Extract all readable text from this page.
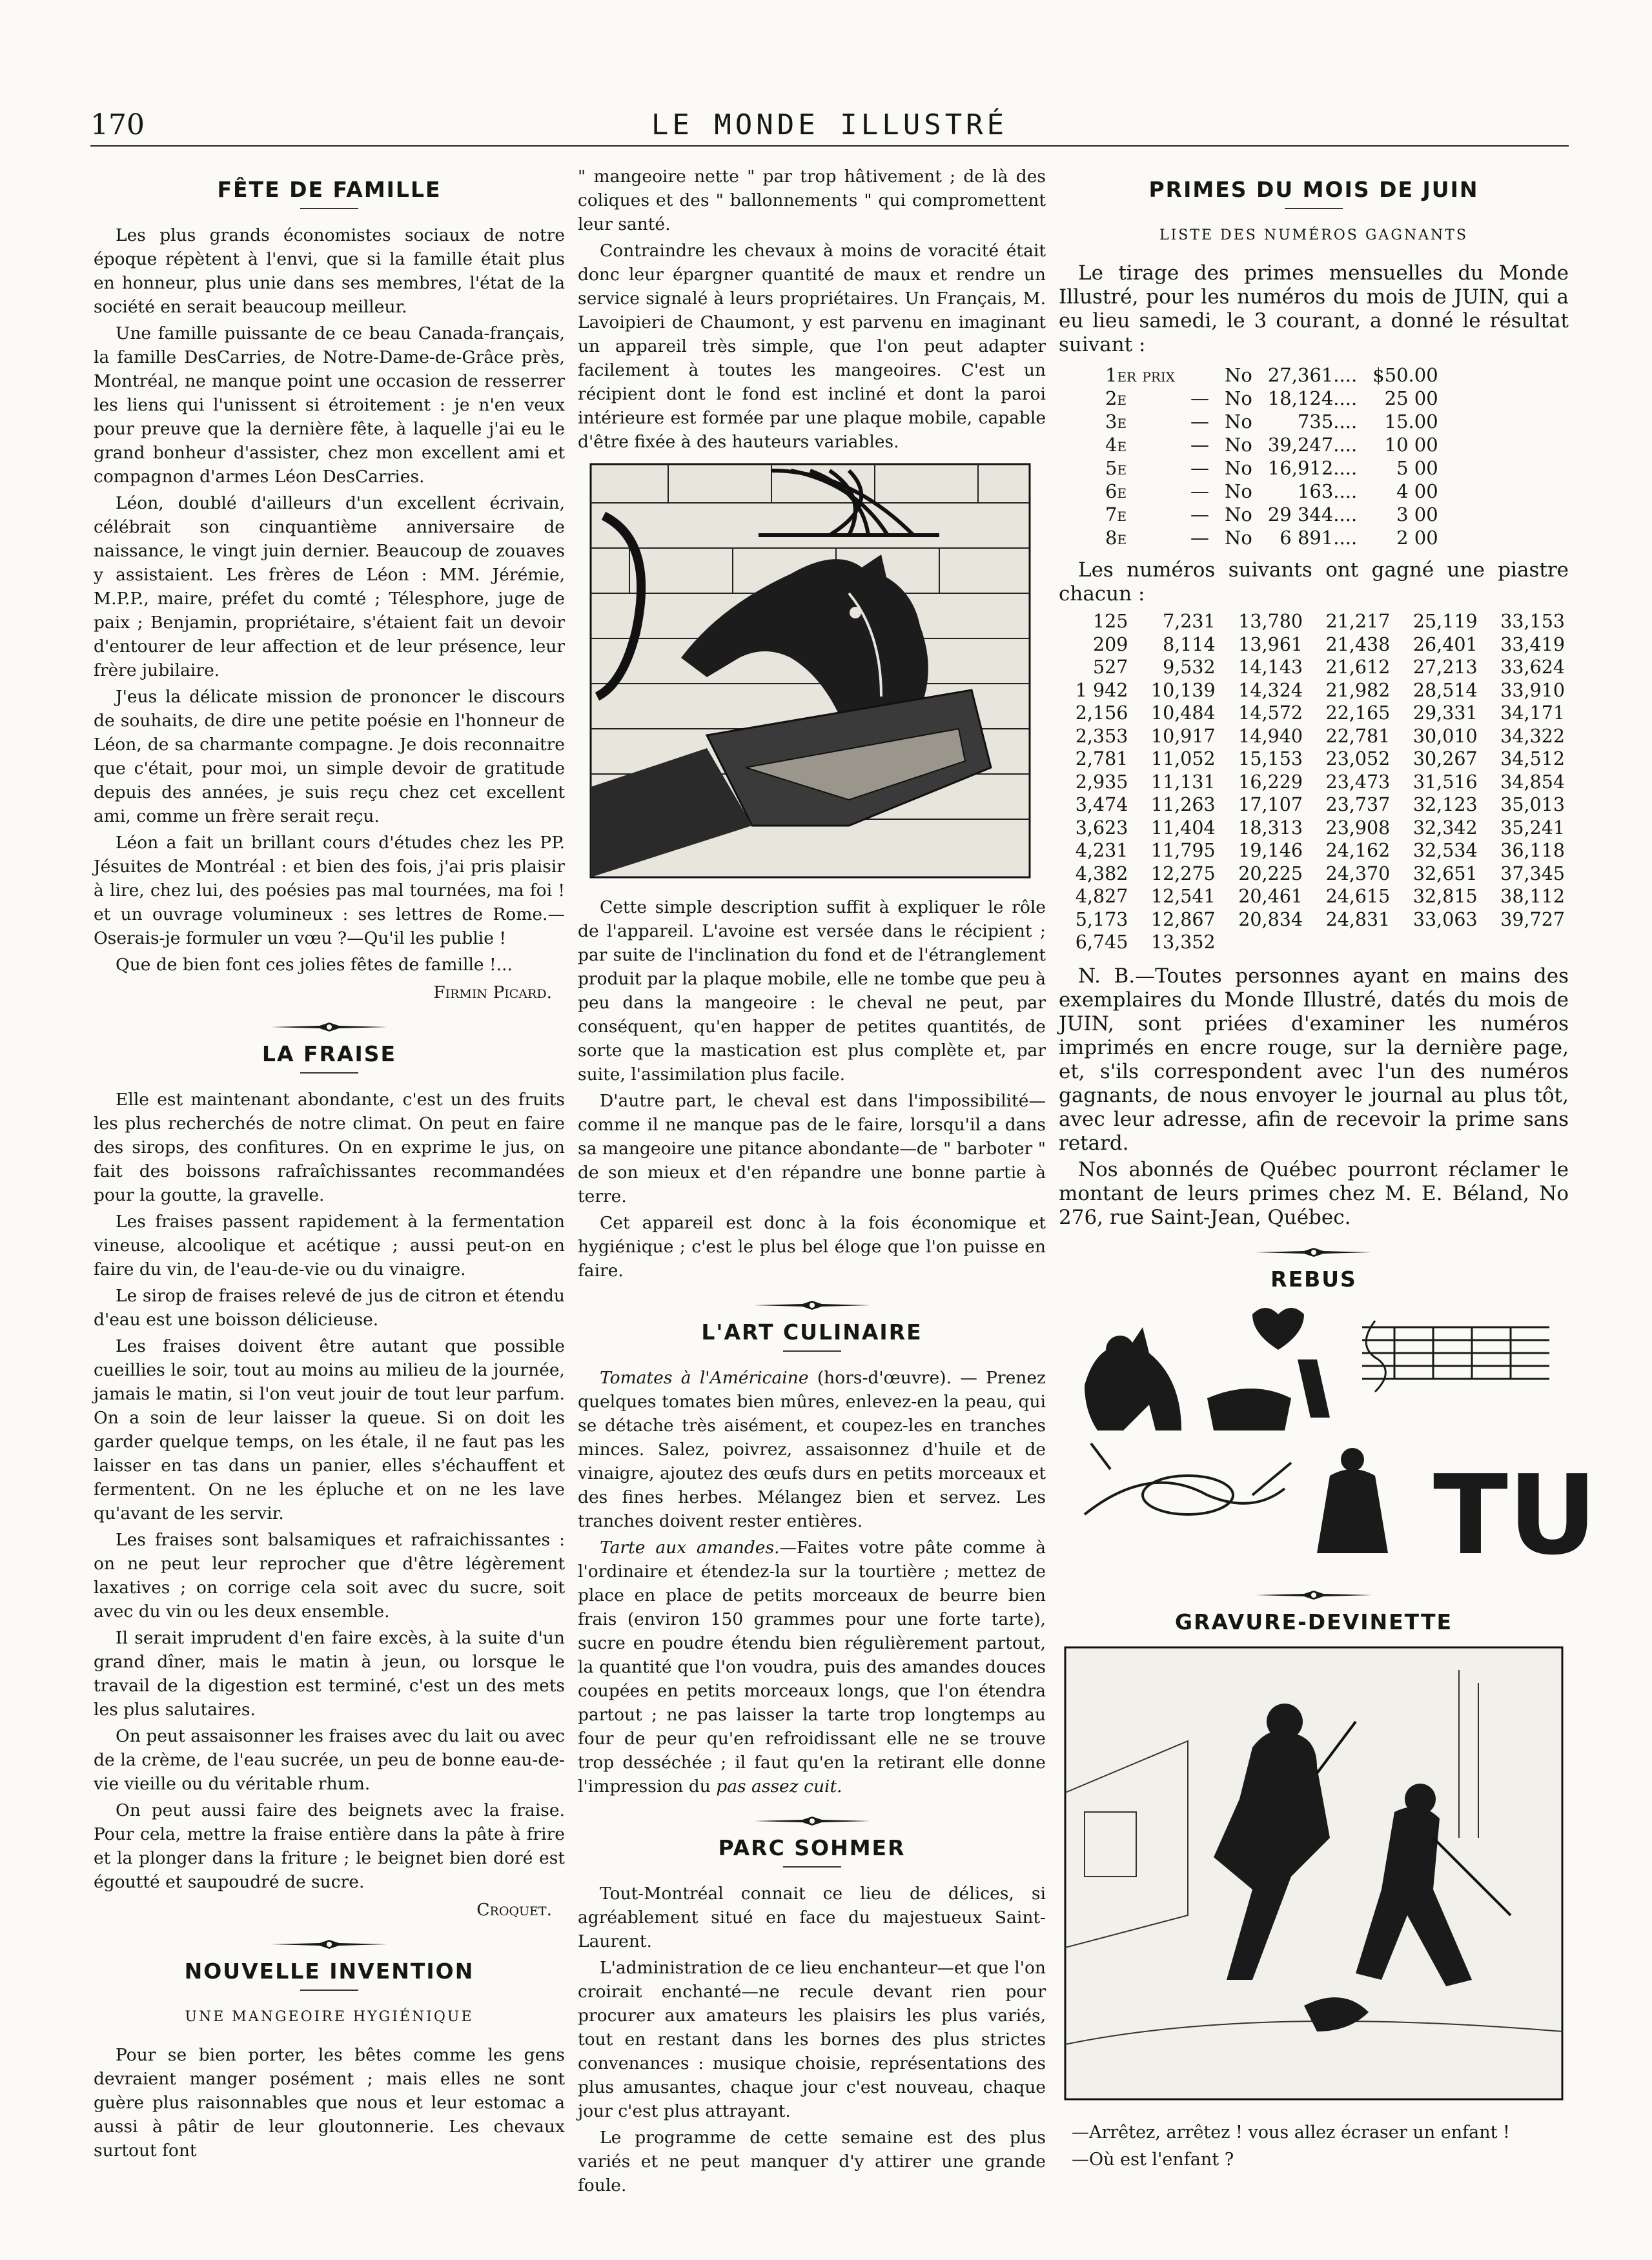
170	LE MONDE ILLUSTRÉ
FÊTE DE FAMILLE

Les plus grands économistes sociaux de notre époque répètent à l'envi, que si la famille était plus en honneur, plus unie dans ses membres, l'état de la société en serait beaucoup meilleur.

Une famille puissante de ce beau Canada-français, la famille DesCarries, de Notre-Dame-de-Grâce près, Montréal, ne manque point une occasion de resserrer les liens qui l'unissent si étroitement : je n'en veux pour preuve que la dernière fête, à laquelle j'ai eu le grand bonheur d'assister, chez mon excellent ami et compagnon d'armes Léon DesCarries.

Léon, doublé d'ailleurs d'un excellent écrivain, célébrait son cinquantième anniversaire de naissance, le vingt juin dernier. Beaucoup de zouaves y assistaient. Les frères de Léon : MM. Jérémie, M.P.P., maire, préfet du comté ; Télesphore, juge de paix ; Benjamin, propriétaire, s'étaient fait un devoir d'entourer de leur affection et de leur présence, leur frère jubilaire.

J'eus la délicate mission de prononcer le discours de souhaits, de dire une petite poésie en l'honneur de Léon, de sa charmante compagne. Je dois reconnaitre que c'était, pour moi, un simple devoir de gratitude depuis des années, je suis reçu chez cet excellent ami, comme un frère serait reçu.

Léon a fait un brillant cours d'études chez les PP. Jésuites de Montréal : et bien des fois, j'ai pris plaisir à lire, chez lui, des poésies pas mal tournées, ma foi ! et un ouvrage volumineux : ses lettres de Rome.— Oserais-je formuler un vœu ?—Qu'il les publie !

Que de bien font ces jolies fêtes de famille !...

Firmin Picard.
LA FRAISE

Elle est maintenant abondante, c'est un des fruits les plus recherchés de notre climat. On peut en faire des sirops, des confitures. On en exprime le jus, on fait des boissons rafraîchissantes recommandées pour la goutte, la gravelle.

Les fraises passent rapidement à la fermentation vineuse, alcoolique et acétique ; aussi peut-on en faire du vin, de l'eau-de-vie ou du vinaigre.

Le sirop de fraises relevé de jus de citron et étendu d'eau est une boisson délicieuse.

Les fraises doivent être autant que possible cueillies le soir, tout au moins au milieu de la journée, jamais le matin, si l'on veut jouir de tout leur parfum. On a soin de leur laisser la queue. Si on doit les garder quelque temps, on les étale, il ne faut pas les laisser en tas dans un panier, elles s'échauffent et fermentent. On ne les épluche et on ne les lave qu'avant de les servir.

Les fraises sont balsamiques et rafraichissantes : on ne peut leur reprocher que d'être légèrement laxatives ; on corrige cela soit avec du sucre, soit avec du vin ou les deux ensemble.

Il serait imprudent d'en faire excès, à la suite d'un grand dîner, mais le matin à jeun, ou lorsque le travail de la digestion est terminé, c'est un des mets les plus salutaires.

On peut assaisonner les fraises avec du lait ou avec de la crème, de l'eau sucrée, un peu de bonne eau-de-vie vieille ou du véritable rhum.

On peut aussi faire des beignets avec la fraise. Pour cela, mettre la fraise entière dans la pâte à frire et la plonger dans la friture ; le beignet bien doré est égoutté et saupoudré de sucre.

Croquet.
NOUVELLE INVENTION
UNE MANGEOIRE HYGIÉNIQUE

Pour se bien porter, les bêtes comme les gens devraient manger posément ; mais elles ne sont guère plus raisonnables que nous et leur estomac a aussi à pâtir de leur gloutonnerie. Les chevaux surtout font

" mangeoire nette " par trop hâtivement ; de là des coliques et des " ballonnements " qui compromettent leur santé.

Contraindre les chevaux à moins de voracité était donc leur épargner quantité de maux et rendre un service signalé à leurs propriétaires. Un Français, M. Lavoipieri de Chaumont, y est parvenu en imaginant un appareil très simple, que l'on peut adapter facilement à toutes les mangeoires. C'est un récipient dont le fond est incliné et dont la paroi intérieure est formée par une plaque mobile, capable d'être fixée à des hauteurs variables.

Cette simple description suffit à expliquer le rôle de l'appareil. L'avoine est versée dans le récipient ; par suite de l'inclination du fond et de l'étranglement produit par la plaque mobile, elle ne tombe que peu à peu dans la mangeoire : le cheval ne peut, par conséquent, qu'en happer de petites quantités, de sorte que la mastication est plus complète et, par suite, l'assimilation plus facile.

D'autre part, le cheval est dans l'impossibilité— comme il ne manque pas de le faire, lorsqu'il a dans sa mangeoire une pitance abondante—de " barboter " de son mieux et d'en répandre une bonne partie à terre.

Cet appareil est donc à la fois économique et hygiénique ; c'est le plus bel éloge que l'on puisse en faire.

L'ART CULINAIRE

Tomates à l'Américaine (hors-d'œuvre). — Prenez quelques tomates bien mûres, enlevez-en la peau, qui se détache très aisément, et coupez-les en tranches minces. Salez, poivrez, assaisonnez d'huile et de vinaigre, ajoutez des œufs durs en petits morceaux et des fines herbes. Mélangez bien et servez. Les tranches doivent rester entières.

Tarte aux amandes.—Faites votre pâte comme à l'ordinaire et étendez-la sur la tourtière ; mettez de place en place de petits morceaux de beurre bien frais (environ 150 grammes pour une forte tarte), sucre en poudre étendu bien régulièrement partout, la quantité que l'on voudra, puis des amandes douces coupées en petits morceaux longs, que l'on étendra partout ; ne pas laisser la tarte trop longtemps au four de peur qu'en refroidissant elle ne se trouve trop desséchée ; il faut qu'en la retirant elle donne l'impression du pas assez cuit.

PARC SOHMER

Tout-Montréal connait ce lieu de délices, si agréablement situé en face du majestueux Saint-Laurent.

L'administration de ce lieu enchanteur—et que l'on croirait enchanté—ne recule devant rien pour procurer aux amateurs les plaisirs les plus variés, tout en restant dans les bornes des plus strictes convenances : musique choisie, représentations des plus amusantes, chaque jour c'est nouveau, chaque jour c'est plus attrayant.

Le programme de cette semaine est des plus variés et ne peut manquer d'y attirer une grande foule.

PRIMES DU MOIS DE JUIN
LISTE DES NUMÉROS GAGNANTS

Le tirage des primes mensuelles du Monde Illustré, pour les numéros du mois de JUIN, qui a eu lieu samedi, le 3 courant, a donné le résultat suivant :

1er prix		No	27,361....	$50.00
2e	—	No	18,124....	25 00
3e	—	No	735....	15.00
4e	—	No	39,247....	10 00
5e	—	No	16,912....	5 00
6e	—	No	163....	4 00
7e	—	No	29 344....	3 00
8e	—	No	6 891....	2 00

Les numéros suivants ont gagné une piastre chacun :

125	7,231	13,780	21,217	25,119	33,153
209	8,114	13,961	21,438	26,401	33,419
527	9,532	14,143	21,612	27,213	33,624
1 942	10,139	14,324	21,982	28,514	33,910
2,156	10,484	14,572	22,165	29,331	34,171
2,353	10,917	14,940	22,781	30,010	34,322
2,781	11,052	15,153	23,052	30,267	34,512
2,935	11,131	16,229	23,473	31,516	34,854
3,474	11,263	17,107	23,737	32,123	35,013
3,623	11,404	18,313	23,908	32,342	35,241
4,231	11,795	19,146	24,162	32,534	36,118
4,382	12,275	20,225	24,370	32,651	37,345
4,827	12,541	20,461	24,615	32,815	38,112
5,173	12,867	20,834	24,831	33,063	39,727
6,745	13,352				

N. B.—Toutes personnes ayant en mains des exemplaires du Monde Illustré, datés du mois de JUIN, sont priées d'examiner les numéros imprimés en encre rouge, sur la dernière page, et, s'ils correspondent avec l'un des numéros gagnants, de nous envoyer le journal au plus tôt, avec leur adresse, afin de recevoir la prime sans retard.

Nos abonnés de Québec pourront réclamer le montant de leurs primes chez M. E. Béland, No 276, rue Saint-Jean, Québec.

REBUS
TU
GRAVURE-DEVINETTE
—Arrêtez, arrêtez ! vous allez écraser un enfant !
—Où est l'enfant ?
